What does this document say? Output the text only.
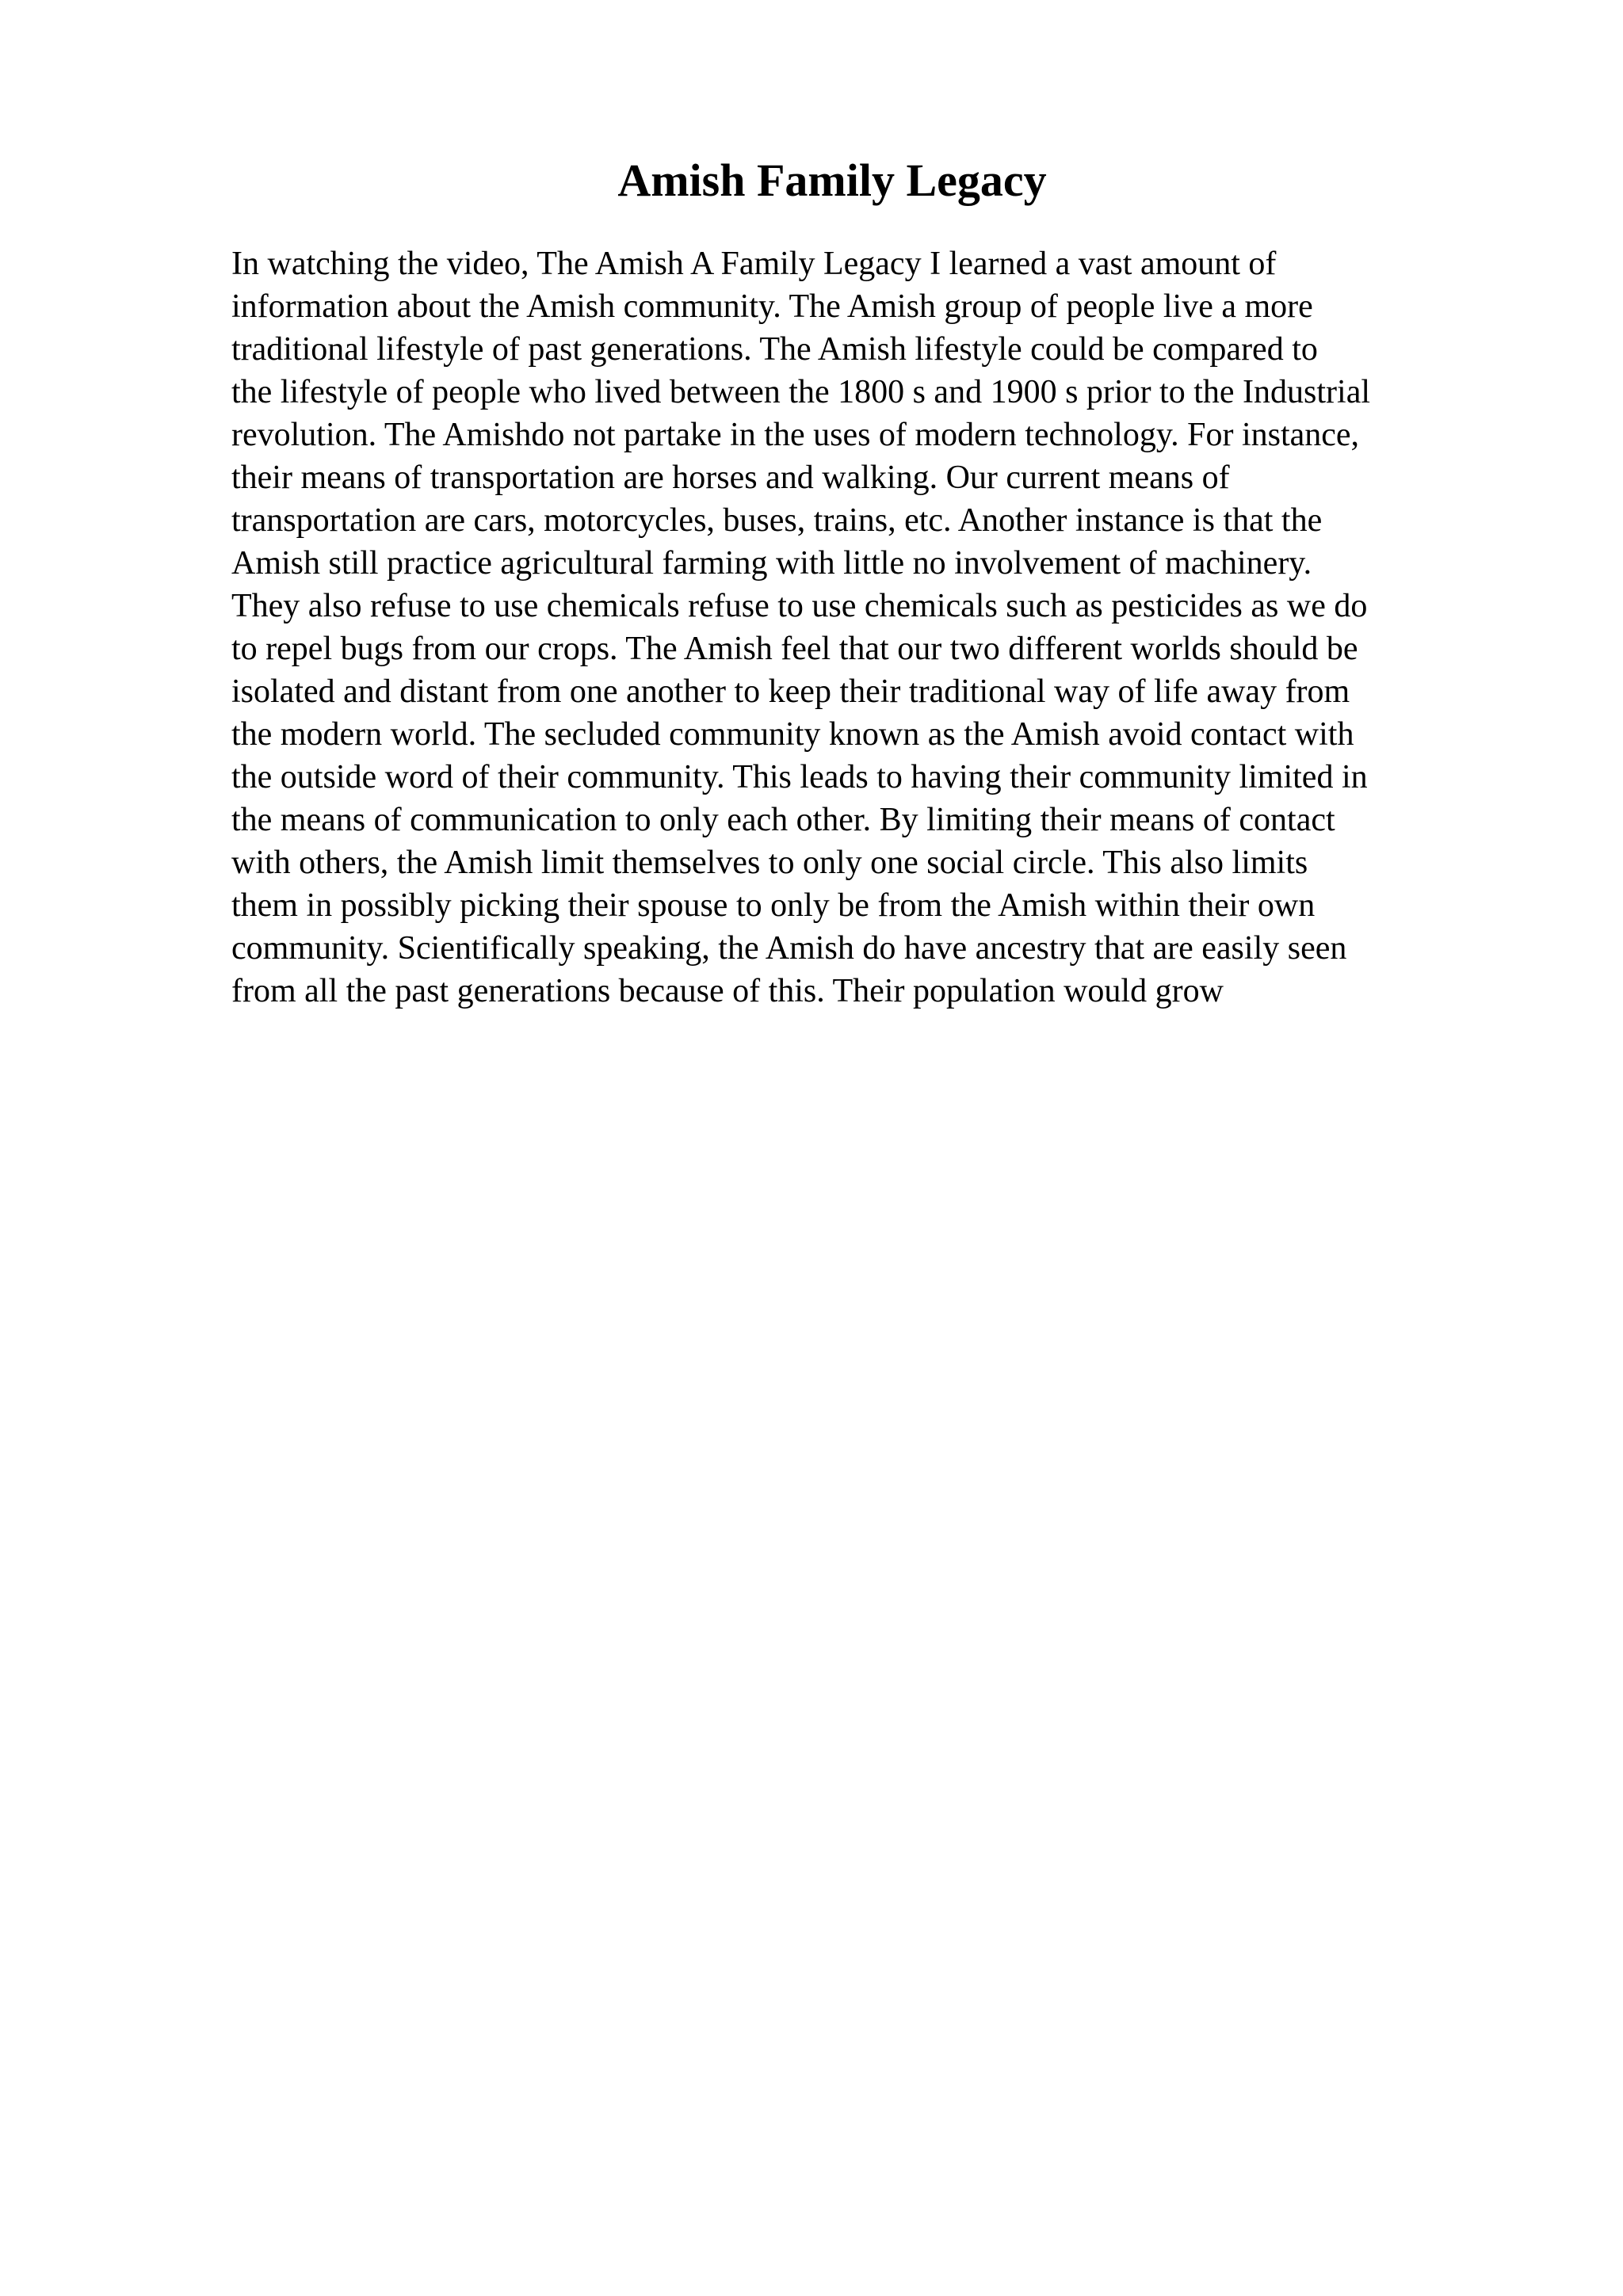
Amish Family Legacy

In watching the video, The Amish A Family Legacy I learned a vast amount of
information about the Amish community. The Amish group of people live a more
traditional lifestyle of past generations. The Amish lifestyle could be compared to
the lifestyle of people who lived between the 1800 s and 1900 s prior to the Industrial
revolution. The Amishdo not partake in the uses of modern technology. For instance,
their means of transportation are horses and walking. Our current means of
transportation are cars, motorcycles, buses, trains, etc. Another instance is that the
Amish still practice agricultural farming with little no involvement of machinery.
They also refuse to use chemicals refuse to use chemicals such as pesticides as we do
to repel bugs from our crops. The Amish feel that our two different worlds should be
isolated and distant from one another to keep their traditional way of life away from
the modern world. The secluded community known as the Amish avoid contact with
the outside word of their community. This leads to having their community limited in
the means of communication to only each other. By limiting their means of contact
with others, the Amish limit themselves to only one social circle. This also limits
them in possibly picking their spouse to only be from the Amish within their own
community. Scientifically speaking, the Amish do have ancestry that are easily seen
from all the past generations because of this. Their population would grow
